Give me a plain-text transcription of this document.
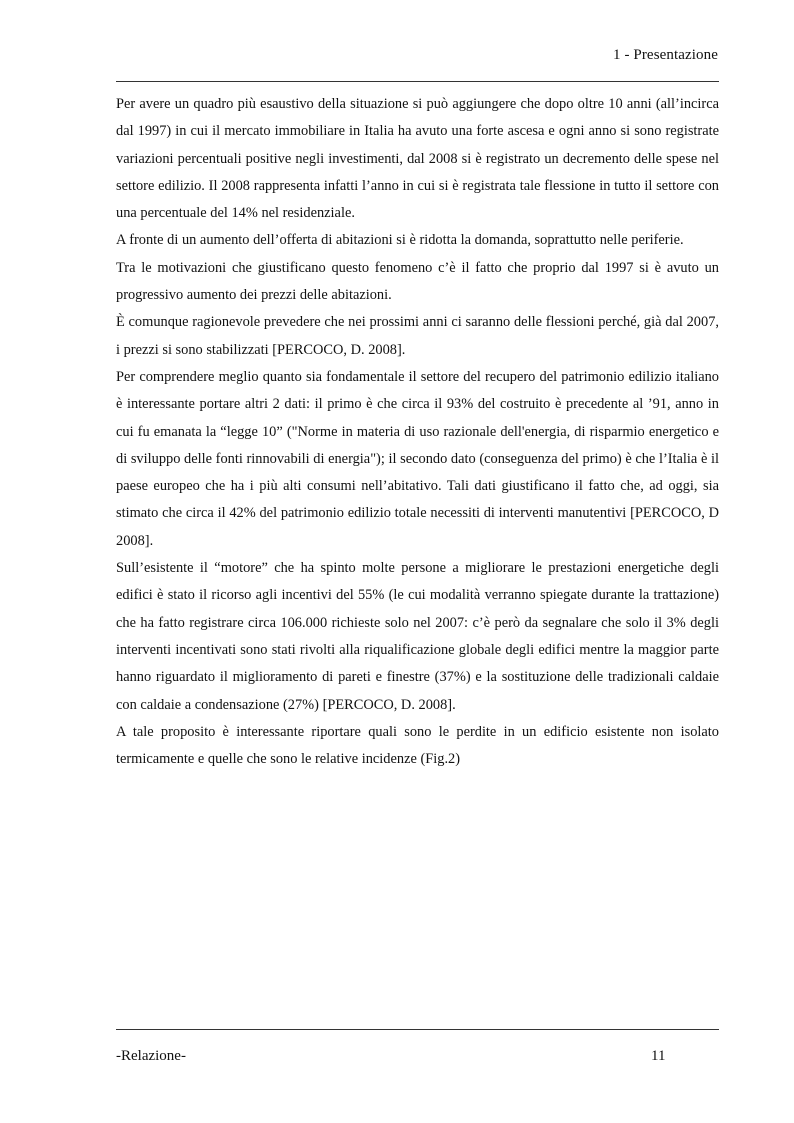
1 - Presentazione

Per avere un quadro più esaustivo della situazione si può aggiungere che dopo oltre 10 anni (all’incirca dal 1997) in cui il mercato immobiliare in Italia ha avuto una forte ascesa e ogni anno si sono registrate variazioni percentuali positive negli investimenti, dal 2008 si è registrato un decremento delle spese nel settore edilizio. Il 2008 rappresenta infatti l’anno in cui si è registrata tale flessione in tutto il settore con una percentuale del 14% nel residenziale.

A fronte di un aumento dell’offerta di abitazioni si è ridotta la domanda, soprattutto nelle periferie.

Tra le motivazioni che giustificano questo fenomeno c’è il fatto che proprio dal 1997 si è avuto un progressivo aumento dei prezzi delle abitazioni.

È comunque ragionevole prevedere che nei prossimi anni ci saranno delle flessioni perché, già dal 2007, i prezzi si sono stabilizzati [PERCOCO, D. 2008].

Per comprendere meglio quanto sia fondamentale il settore del recupero del patrimonio edilizio italiano è interessante portare altri 2 dati: il primo è che circa il 93% del costruito è precedente al ’91, anno in cui fu emanata la “legge 10” ("Norme in materia di uso razionale dell'energia, di risparmio energetico e di sviluppo delle fonti rinnovabili di energia"); il secondo dato (conseguenza del primo) è che l’Italia è il paese europeo che ha i più alti consumi nell’abitativo. Tali dati giustificano il fatto che, ad oggi, sia stimato che circa il 42% del patrimonio edilizio totale necessiti di interventi manutentivi [PERCOCO, D 2008].

Sull’esistente il “motore” che ha spinto molte persone a migliorare le prestazioni energetiche degli edifici è stato il ricorso agli incentivi del 55% (le cui modalità verranno spiegate durante la trattazione) che ha fatto registrare circa 106.000 richieste solo nel 2007: c’è però da segnalare che solo il 3% degli interventi incentivati sono stati rivolti alla riqualificazione globale degli edifici mentre la maggior parte hanno riguardato il miglioramento di pareti e finestre (37%) e la sostituzione delle tradizionali caldaie con caldaie a condensazione (27%) [PERCOCO, D. 2008].

A tale proposito è interessante riportare quali sono le perdite in un edificio esistente non isolato termicamente e quelle che sono le relative incidenze (Fig.2)

-Relazione-	11
